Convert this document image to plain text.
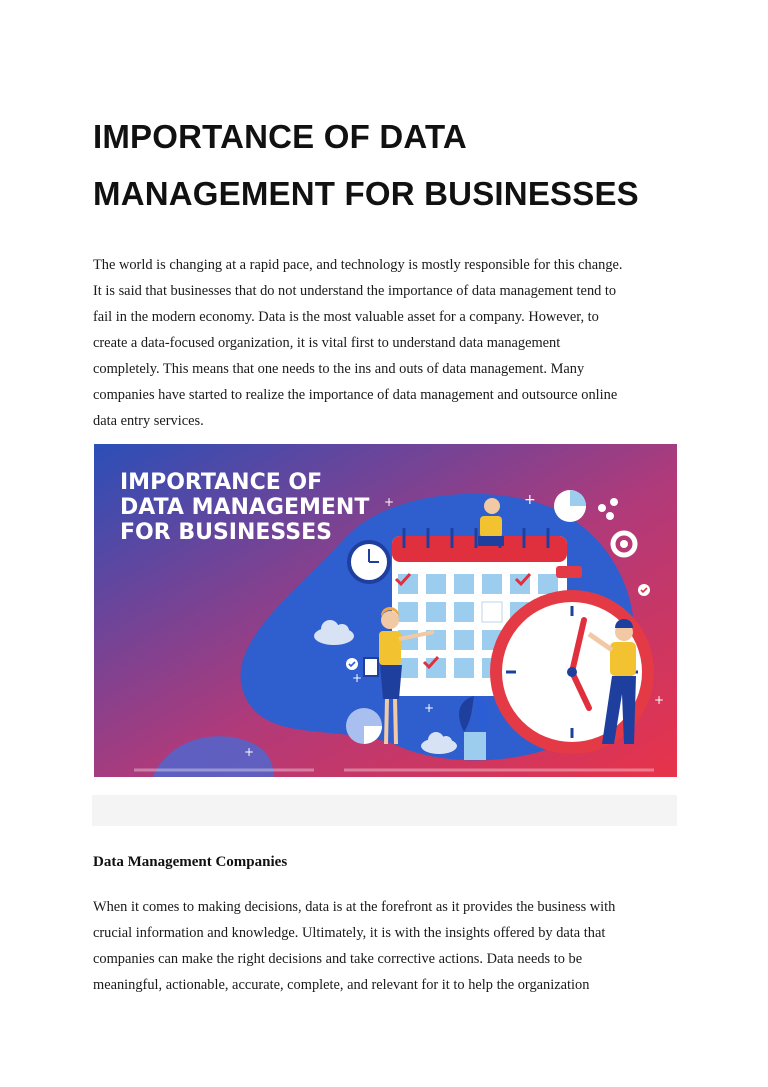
IMPORTANCE OF DATA
MANAGEMENT FOR BUSINESSES

The world is changing at a rapid pace, and technology is mostly responsible for this change.
It is said that businesses that do not understand the importance of data management tend to
fail in the modern economy. Data is the most valuable asset for a company. However, to
create a data-focused organization, it is vital first to understand data management
completely. This means that one needs to the ins and outs of data management. Many
companies have started to realize the importance of data management and outsource online
data entry services.

IMPORTANCE OF
DATA MANAGEMENT
FOR BUSINESSES
+	+
+
+
+
+
Data Management Companies

When it comes to making decisions, data is at the forefront as it provides the business with
crucial information and knowledge. Ultimately, it is with the insights offered by data that
companies can make the right decisions and take corrective actions. Data needs to be
meaningful, actionable, accurate, complete, and relevant for it to help the organization
